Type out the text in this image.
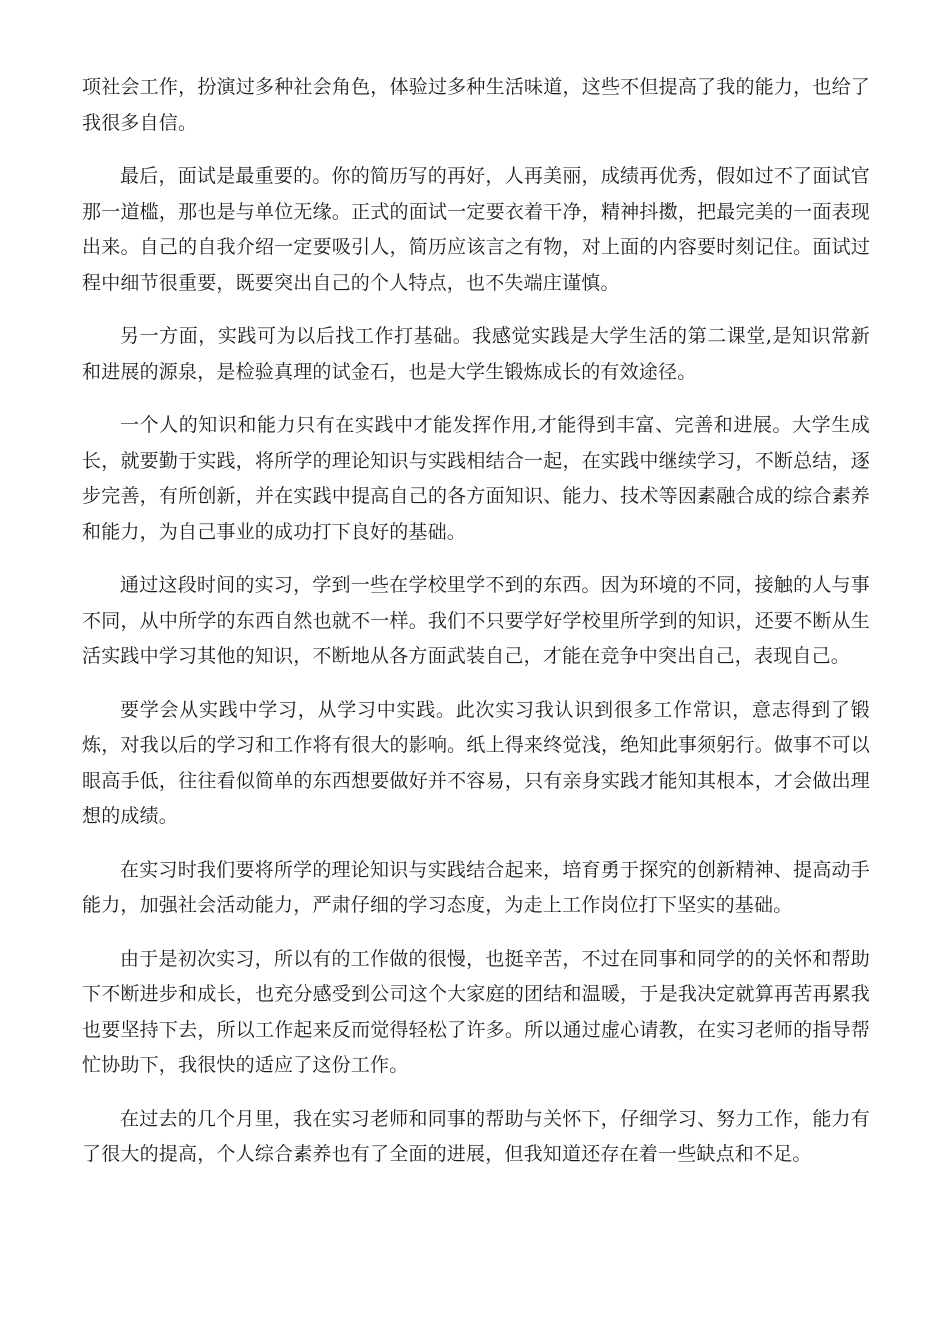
项社会工作，扮演过多种社会角色，体验过多种生活味道，这些不但提高了我的能力，也给了我很多自信。

最后，面试是最重要的。你的简历写的再好，人再美丽，成绩再优秀，假如过不了面试官那一道槛，那也是与单位无缘。正式的面试一定要衣着干净，精神抖擞，把最完美的一面表现出来。自己的自我介绍一定要吸引人，简历应该言之有物，对上面的内容要时刻记住。面试过程中细节很重要，既要突出自己的个人特点，也不失端庄谨慎。

另一方面，实践可为以后找工作打基础。我感觉实践是大学生活的第二课堂,是知识常新和进展的源泉，是检验真理的试金石，也是大学生锻炼成长的有效途径。

一个人的知识和能力只有在实践中才能发挥作用,才能得到丰富、完善和进展。大学生成长，就要勤于实践，将所学的理论知识与实践相结合一起，在实践中继续学习，不断总结，逐步完善，有所创新，并在实践中提高自己的各方面知识、能力、技术等因素融合成的综合素养和能力，为自己事业的成功打下良好的基础。

通过这段时间的实习，学到一些在学校里学不到的东西。因为环境的不同，接触的人与事不同，从中所学的东西自然也就不一样。我们不只要学好学校里所学到的知识，还要不断从生活实践中学习其他的知识，不断地从各方面武装自己，才能在竞争中突出自己，表现自己。

要学会从实践中学习，从学习中实践。此次实习我认识到很多工作常识，意志得到了锻炼，对我以后的学习和工作将有很大的影响。纸上得来终觉浅，绝知此事须躬行。做事不可以眼高手低，往往看似简单的东西想要做好并不容易，只有亲身实践才能知其根本，才会做出理想的成绩。

在实习时我们要将所学的理论知识与实践结合起来，培育勇于探究的创新精神、提高动手能力，加强社会活动能力，严肃仔细的学习态度，为走上工作岗位打下坚实的基础。

由于是初次实习，所以有的工作做的很慢，也挺辛苦，不过在同事和同学的的关怀和帮助下不断进步和成长，也充分感受到公司这个大家庭的团结和温暖，于是我决定就算再苦再累我也要坚持下去，所以工作起来反而觉得轻松了许多。所以通过虚心请教，在实习老师的指导帮忙协助下，我很快的适应了这份工作。

在过去的几个月里，我在实习老师和同事的帮助与关怀下，仔细学习、努力工作，能力有了很大的提高，个人综合素养也有了全面的进展，但我知道还存在着一些缺点和不足。
